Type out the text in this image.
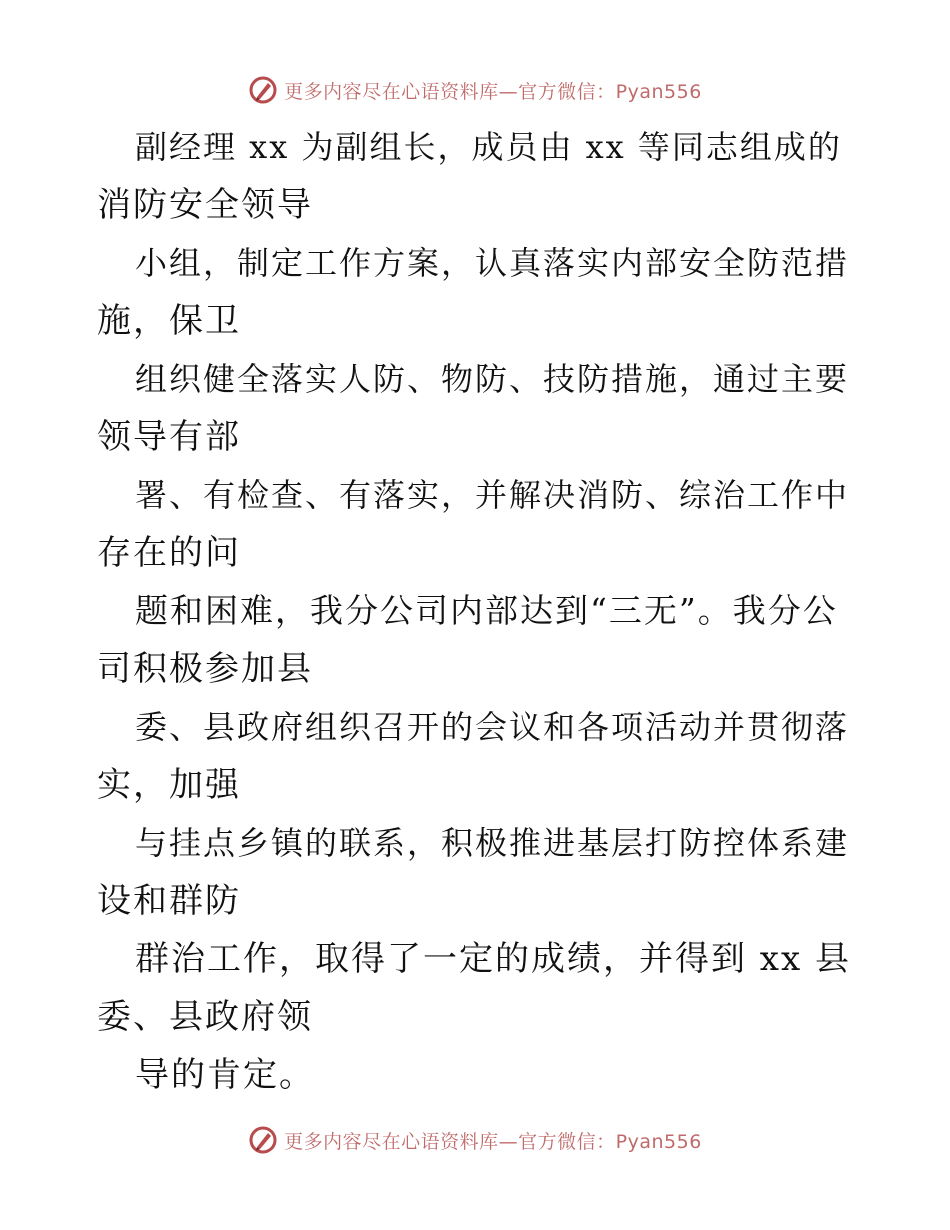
更多内容尽在心语资料库—官方微信：Pyan556
副经理 xx 为副组长，成员由 xx 等同志组成的
消防安全领导
小组，制定工作方案，认真落实内部安全防范措
施，保卫
组织健全落实人防、物防、技防措施，通过主要
领导有部
署、有检查、有落实，并解决消防、综治工作中
存在的问
题和困难，我分公司内部达到“三无”。我分公
司积极参加县
委、县政府组织召开的会议和各项活动并贯彻落
实，加强
与挂点乡镇的联系，积极推进基层打防控体系建
设和群防
群治工作，取得了一定的成绩，并得到 xx 县
委、县政府领
导的肯定。
更多内容尽在心语资料库—官方微信：Pyan556
